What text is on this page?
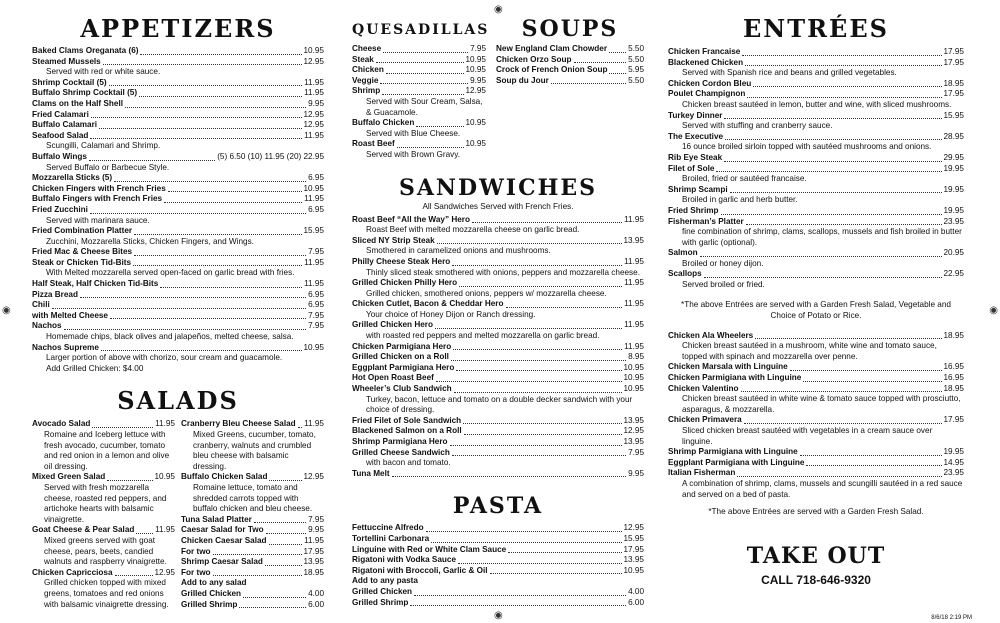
APPETIZERS
Baked Clams Oreganata (6)	10.95
Steamed Mussels	12.95
Served with red or white sauce.
Shrimp Cocktail (5)	11.95
Buffalo Shrimp Cocktail (5)	11.95
Clams on the Half Shell	9.95
Fried Calamari	12.95
Buffalo Calamari	12.95
Seafood Salad	11.95
Scungilli, Calamari and Shrimp.
Buffalo Wings	(5) 6.50 (10) 11.95 (20) 22.95
Served Buffalo or Barbecue Style.
Mozzarella Sticks (5)	6.95
Chicken Fingers with French Fries	10.95
Buffalo Fingers with French Fries	11.95
Fried Zucchini	6.95
Served with marinara sauce.
Fried Combination Platter	15.95
Zucchini, Mozzarella Sticks, Chicken Fingers, and Wings.
Fried Mac & Cheese Bites	7.95
Steak or Chicken Tid-Bits	11.95
With Melted mozzarella served open-faced on garlic bread with fries.
Half Steak, Half Chicken Tid-Bits	11.95
Pizza Bread	6.95
Chili	6.95
with Melted Cheese	7.95
Nachos	7.95
Homemade chips, black olives and jalapeños, melted cheese, salsa.
Nachos Supreme	10.95
Larger portion of above with chorizo, sour cream and guacamole.
Add Grilled Chicken: $4.00
SALADS
Avocado Salad	11.95
Romaine and Iceberg lettuce with fresh avocado, cucumber, tomato and red onion in a lemon and olive oil dressing.
Mixed Green Salad	10.95
Served with fresh mozzarella cheese, roasted red peppers, and artichoke hearts with balsamic vinaigrette.
Goat Cheese & Pear Salad	11.95
Mixed greens served with goat cheese, pears, beets, candied walnuts and raspberry vinaigrette.
Chicken Capricciosa	12.95
Grilled chicken topped with mixed greens, tomatoes and red onions with balsamic vinaigrette dressing.
Cranberry Bleu Cheese Salad 11.95
Mixed Greens, cucumber, tomato, cranberry, walnuts and crumbled bleu cheese with balsamic dressing.
Buffalo Chicken Salad	12.95
Romaine lettuce, tomato and shredded carrots topped with buffalo chicken and bleu cheese.
Tuna Salad Platter	7.95
Caesar Salad for Two	9.95
Chicken Caesar Salad	11.95
For two	17.95
Shrimp Caesar Salad	13.95
For two	18.95
Add to any salad
Grilled Chicken	4.00
Grilled Shrimp	6.00
QUESADILLAS
Cheese	7.95
Steak	10.95
Chicken	10.95
Veggie	9.95
Shrimp	12.95
Served with Sour Cream, Salsa, & Guacamole.
Buffalo Chicken	10.95
Served with Blue Cheese.
Roast Beef	10.95
Served with Brown Gravy.
SOUPS
New England Clam Chowder	5.50
Chicken Orzo Soup	5.50
Crock of French Onion Soup	5.95
Soup du Jour	5.50
SANDWICHES
All Sandwiches Served with French Fries.
Roast Beef “All the Way” Hero	11.95
Roast Beef with melted mozzarella cheese on garlic bread.
Sliced NY Strip Steak	13.95
Smothered in caramelized onions and mushrooms.
Philly Cheese Steak Hero	11.95
Thinly sliced steak smothered with onions, peppers and mozzarella cheese.
Grilled Chicken Philly Hero	11.95
Grilled chicken, smothered onions, peppers w/ mozzarella cheese.
Chicken Cutlet, Bacon & Cheddar Hero	11.95
Your choice of Honey Dijon or Ranch dressing.
Grilled Chicken Hero	11.95
with roasted red peppers and melted mozzarella on garlic bread.
Chicken Parmigiana Hero	11.95
Grilled Chicken on a Roll	8.95
Eggplant Parmigiana Hero	10.95
Hot Open Roast Beef	10.95
Wheeler’s Club Sandwich	10.95
Turkey, bacon, lettuce and tomato on a double decker sandwich with your choice of dressing.
Fried Filet of Sole Sandwich	13.95
Blackened Salmon on a Roll	12.95
Shrimp Parmigiana Hero	13.95
Grilled Cheese Sandwich	7.95
with bacon and tomato.
Tuna Melt	9.95
PASTA
Fettuccine Alfredo	12.95
Tortellini Carbonara	15.95
Linguine with Red or White Clam Sauce	17.95
Rigatoni with Vodka Sauce	13.95
Rigatoni with Broccoli, Garlic & Oil	10.95
Add to any pasta
Grilled Chicken	4.00
Grilled Shrimp	6.00
ENTRÉES
Chicken Francaise	17.95
Blackened Chicken	17.95
Served with Spanish rice and beans and grilled vegetables.
Chicken Cordon Bleu	18.95
Poulet Champignon	17.95
Chicken breast sautéed in lemon, butter and wine, with sliced mushrooms.
Turkey Dinner	15.95
Served with stuffing and cranberry sauce.
The Executive	28.95
16 ounce broiled sirloin topped with sautéed mushrooms and onions.
Rib Eye Steak	29.95
Filet of Sole	19.95
Broiled, fried or sautéed francaise.
Shrimp Scampi	19.95
Broiled in garlic and herb butter.
Fried Shrimp	19.95
Fisherman’s Platter	23.95
fine combination of shrimp, clams, scallops, mussels and fish broiled in butter with garlic (optional).
Salmon	20.95
Broiled or honey dijon.
Scallops	22.95
Served broiled or fried.
*The above Entrées are served with a Garden Fresh Salad, Vegetable and Choice of Potato or Rice.
Chicken Ala Wheelers	18.95
Chicken breast sautéed in a mushroom, white wine and tomato sauce, topped with spinach and mozzarella over penne.
Chicken Marsala with Linguine	16.95
Chicken Parmigiana with Linguine	16.95
Chicken Valentino	18.95
Chicken breast sautéed in white wine & tomato sauce topped with prosciutto, asparagus, & mozzarella.
Chicken Primavera	17.95
Sliced chicken breast sautéed with vegetables in a cream sauce over linguine.
Shrimp Parmigiana with Linguine	19.95
Eggplant Parmigiana with Linguine	14.95
Italian Fisherman	23.95
A combination of shrimp, clams, mussels and scungilli sautéed in a red sauce and served on a bed of pasta.
*The above Entrées are served with a Garden Fresh Salad.
TAKE OUT
CALL 718-646-9320
◉	◉
◉
◉	8/6/18 2:19 PM
